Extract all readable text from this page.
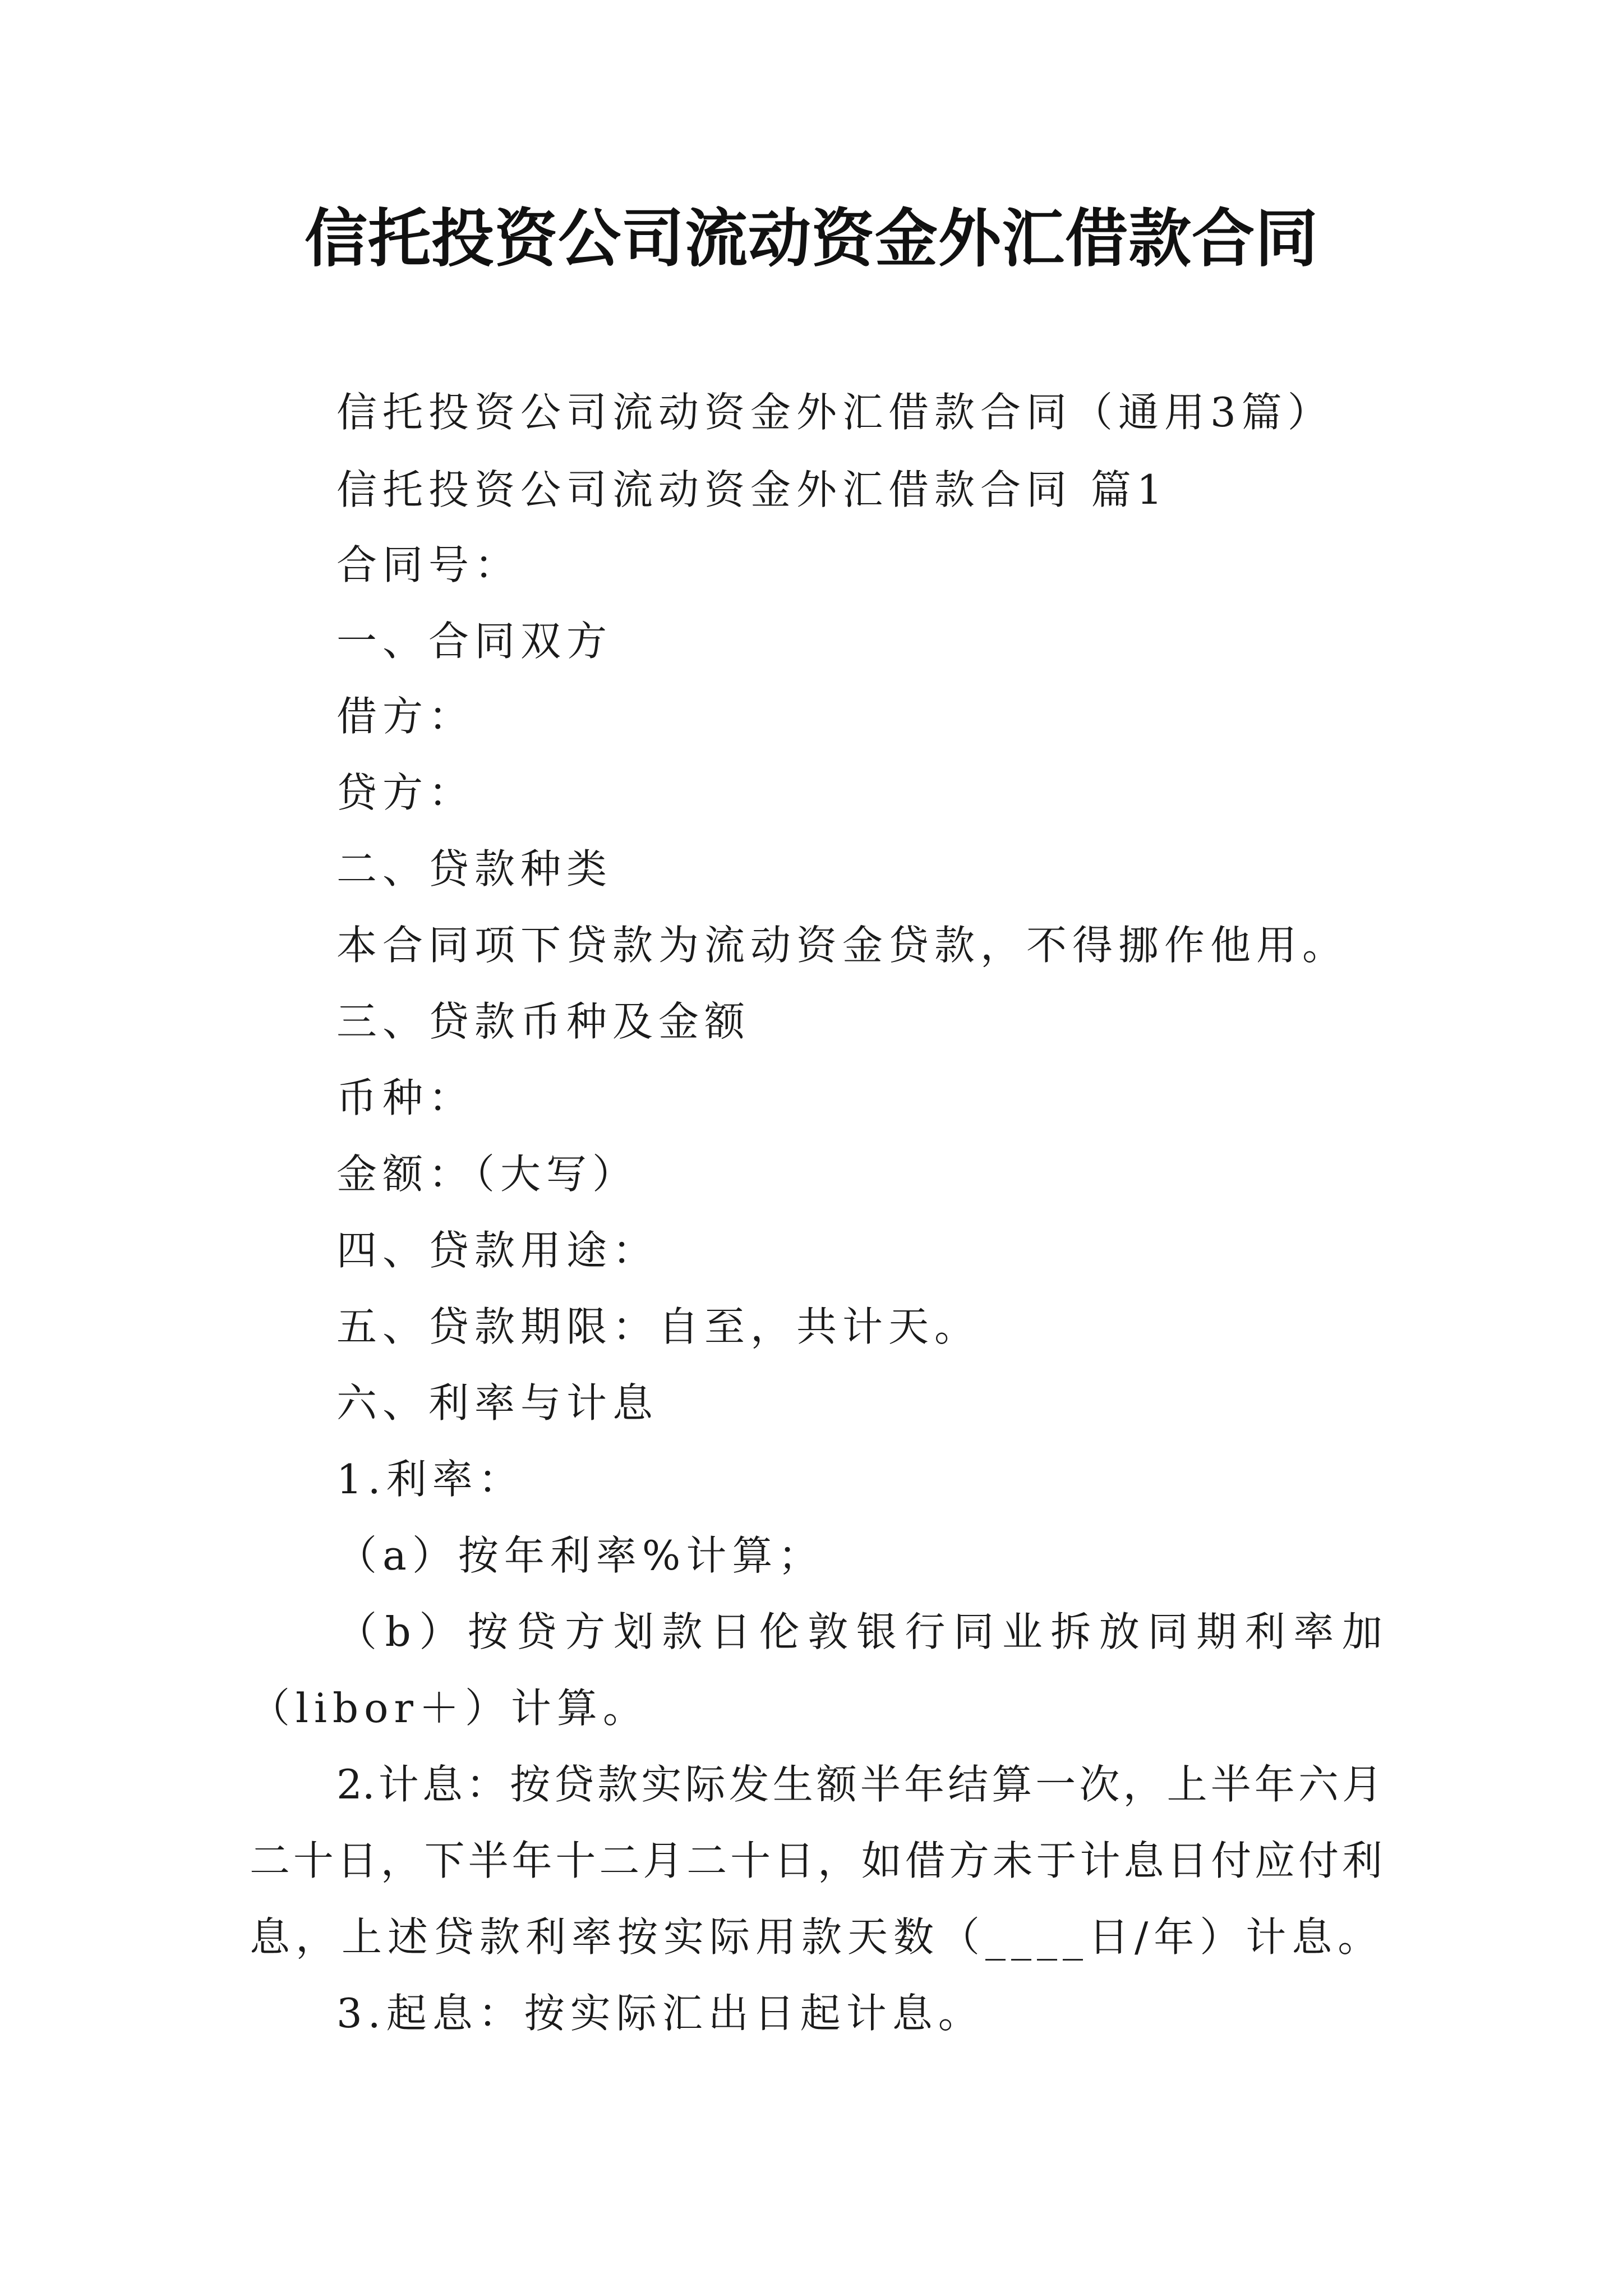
信托投资公司流动资金外汇借款合同
信托投资公司流动资金外汇借款合同（通用3篇）
信托投资公司流动资金外汇借款合同 篇1
合同号：
一、合同双方
借方：
贷方：
二、贷款种类
本合同项下贷款为流动资金贷款，不得挪作他用。
三、贷款币种及金额
币种：
金额：（大写）
四、贷款用途：
五、贷款期限：自至，共计天。
六、利率与计息
1.利率：
（a）按年利率%计算；
（b）按贷方划款日伦敦银行同业拆放同期利率加
（libor＋）计算。
2.计息：按贷款实际发生额半年结算一次，上半年六月
二十日，下半年十二月二十日，如借方未于计息日付应付利
息，上述贷款利率按实际用款天数（____日/年）计息。
3.起息：按实际汇出日起计息。
